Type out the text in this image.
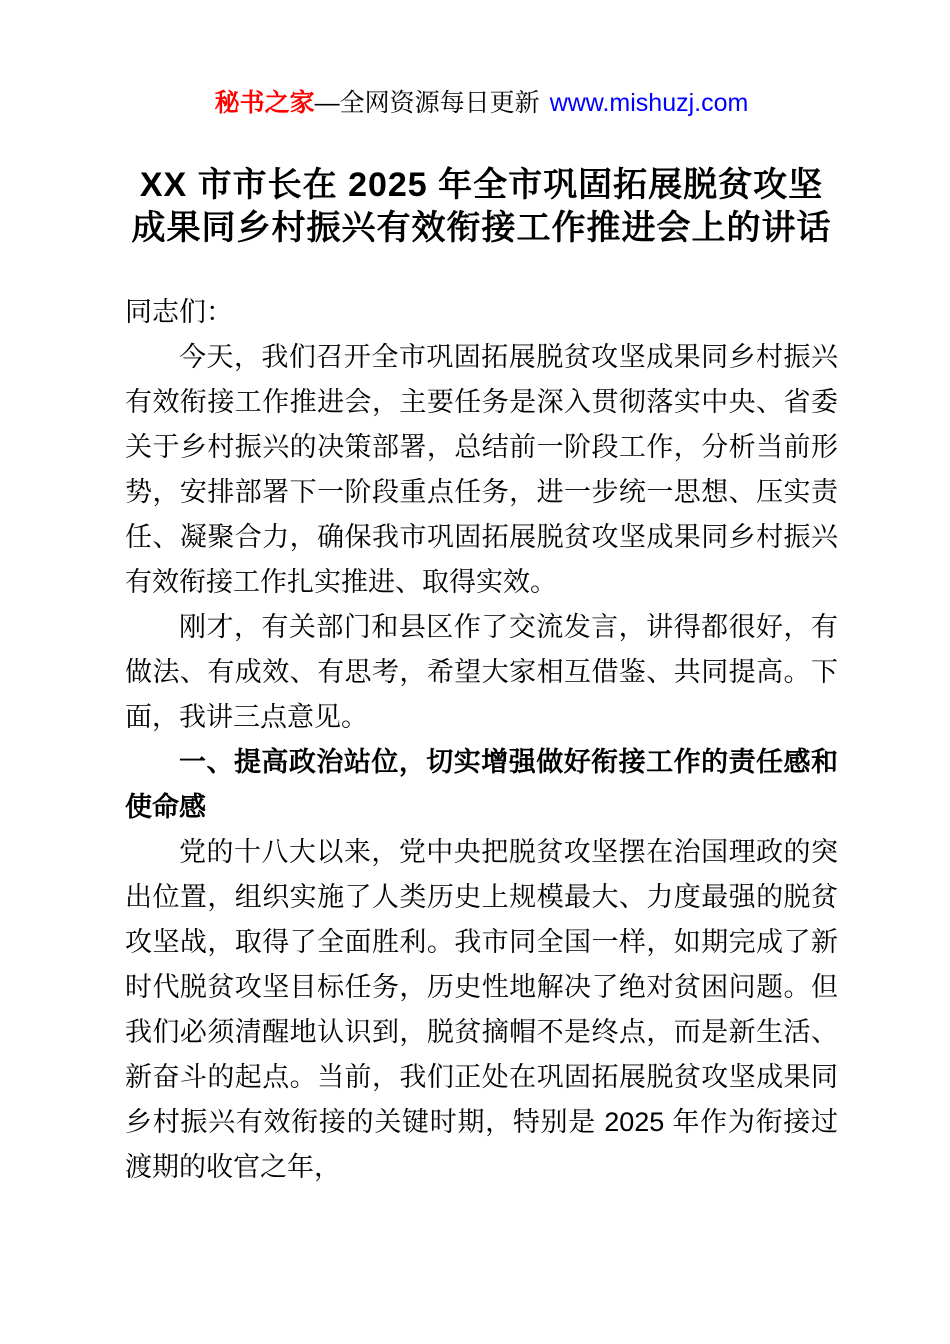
秘书之家—全网资源每日更新 www.mishuzj.com
XX 市市长在 2025 年全市巩固拓展脱贫攻坚
成果同乡村振兴有效衔接工作推进会上的讲话

同志们：

今天，我们召开全市巩固拓展脱贫攻坚成果同乡村振兴有效衔接工作推进会，主要任务是深入贯彻落实中央、省委关于乡村振兴的决策部署，总结前一阶段工作，分析当前形势，安排部署下一阶段重点任务，进一步统一思想、压实责任、凝聚合力，确保我市巩固拓展脱贫攻坚成果同乡村振兴有效衔接工作扎实推进、取得实效。

刚才，有关部门和县区作了交流发言，讲得都很好，有做法、有成效、有思考，希望大家相互借鉴、共同提高。下面，我讲三点意见。

一、提高政治站位，切实增强做好衔接工作的责任感和使命感

党的十八大以来，党中央把脱贫攻坚摆在治国理政的突出位置，组织实施了人类历史上规模最大、力度最强的脱贫攻坚战，取得了全面胜利。我市同全国一样，如期完成了新时代脱贫攻坚目标任务，历史性地解决了绝对贫困问题。但我们必须清醒地认识到，脱贫摘帽不是终点，而是新生活、新奋斗的起点。当前，我们正处在巩固拓展脱贫攻坚成果同乡村振兴有效衔接的关键时期，特别是 2025 年作为衔接过渡期的收官之年，
